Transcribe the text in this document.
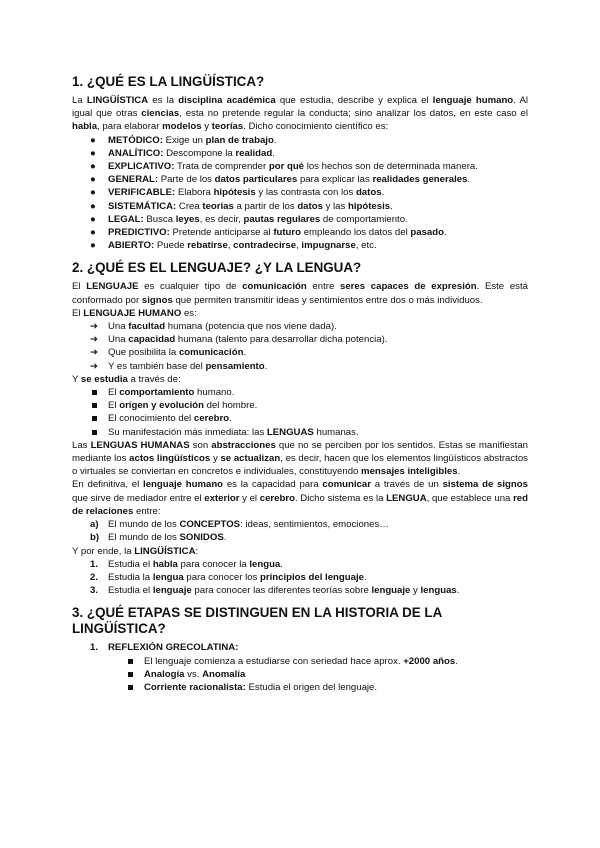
1. ¿QUÉ ES LA LINGÜÍSTICA?

La LINGÜÍSTICA es la disciplina académica que estudia, describe y explica el lenguaje humano. Al igual que otras ciencias, esta no pretende regular la conducta; sino analizar los datos, en este caso el habla, para elaborar modelos y teorías. Dicho conocimiento científico es:

● METÓDICO: Exige un plan de trabajo.
● ANALÍTICO: Descompone la realidad.
● EXPLICATIVO: Trata de comprender por qué los hechos son de determinada manera.
● GENERAL: Parte de los datos particulares para explicar las realidades generales.
● VERIFICABLE: Elabora hipótesis y las contrasta con los datos.
● SISTEMÁTICA: Crea teorías a partir de los datos y las hipótesis.
● LEGAL: Busca leyes, es decir, pautas regulares de comportamiento.
● PREDICTIVO: Pretende anticiparse al futuro empleando los datos del pasado.
● ABIERTO: Puede rebatirse, contradecirse, impugnarse, etc.
2. ¿QUÉ ES EL LENGUAJE? ¿Y LA LENGUA?

El LENGUAJE es cualquier tipo de comunicación entre seres capaces de expresión. Este está conformado por signos que permiten transmitir ideas y sentimientos entre dos o más individuos.

El LENGUAJE HUMANO es:

➔ Una facultad humana (potencia que nos viene dada).
➔ Una capacidad humana (talento para desarrollar dicha potencia).
➔ Que posibilita la comunicación.
➔ Y es también base del pensamiento.

Y se estudia a través de:

El comportamiento humano.
El origen y evolución del hombre.
El conocimiento del cerebro.
Su manifestación más inmediata: las LENGUAS humanas.

Las LENGUAS HUMANAS son abstracciones que no se perciben por los sentidos. Estas se manifiestan mediante los actos lingüísticos y se actualizan, es decir, hacen que los elementos lingüísticos abstractos o virtuales se conviertan en concretos e individuales, constituyendo mensajes inteligibles.

En definitiva, el lenguaje humano es la capacidad para comunicar a través de un sistema de signos que sirve de mediador entre el exterior y el cerebro. Dicho sistema es la LENGUA, que establece una red de relaciones entre:

a) El mundo de los CONCEPTOS: ideas, sentimientos, emociones…
b) El mundo de los SONIDOS.

Y por ende, la LINGÜÍSTICA:

1. Estudia el habla para conocer la lengua.
2. Estudia la lengua para conocer los principios del lenguaje.
3. Estudia el lenguaje para conocer las diferentes teorías sobre lenguaje y lenguas.
3. ¿QUÉ ETAPAS SE DISTINGUEN EN LA HISTORIA DE LA LINGÜÍSTICA?
1. REFLEXIÓN GRECOLATINA:
El lenguaje comienza a estudiarse con seriedad hace aprox. +2000 años.
Analogía vs. Anomalía
Corriente racionalista: Estudia el origen del lenguaje.
